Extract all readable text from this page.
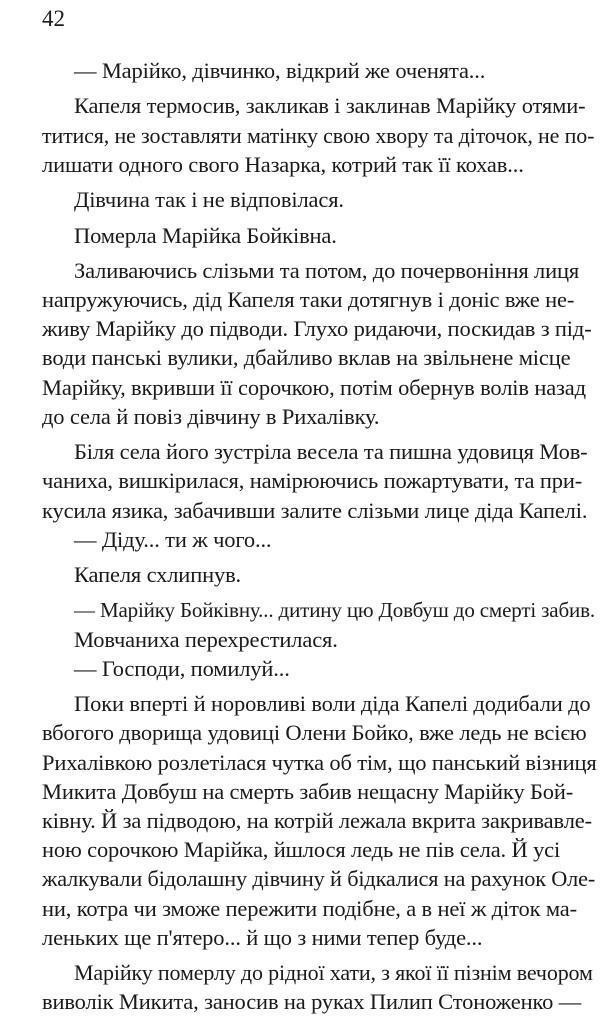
42
— Марійко, дівчинко, відкрий же оченята...
Капеля термосив, закликав і заклинав Марійку отями-
титися, не зоставляти матінку свою хвору та діточок, не по-
лишати одного свого Назарка, котрий так її кохав...
Дівчина так і не відповілася.
Померла Марійка Бойківна.
Заливаючись слізьми та потом, до почервоніння лиця
напружуючись, дід Капеля таки дотягнув і доніс вже не-
живу Марійку до підводи. Глухо ридаючи, поскидав з під-
води панські вулики, дбайливо вклав на звільнене місце
Марійку, вкривши її сорочкою, потім обернув волів назад
до села й повіз дівчину в Рихалівку.
Біля села його зустріла весела та пишна удовиця Мов-
чаниха, вишкірилася, намірюючись пожартувати, та при-
кусила язика, забачивши залите слізьми лице діда Капелі.
— Діду... ти ж чого...
Капеля схлипнув.
— Марійку Бойківну... дитину цю Довбуш до смерті забив.
Мовчаниха перехрестилася.
— Господи, помилуй...
Поки вперті й норовливі воли діда Капелі додибали до
вбогого дворища удовиці Олени Бойко, вже ледь не всією
Рихалівкою розлетілася чутка об тім, що панський візниця
Микита Довбуш на смерть забив нещасну Марійку Бой-
ківну. Й за підводою, на котрій лежала вкрита закривавле-
ною сорочкою Марійка, йшлося ледь не пів села. Й усі
жалкували бідолашну дівчину й бідкалися на рахунок Оле-
ни, котра чи зможе пережити подібне, а в неї ж діток ма-
леньких ще п'ятеро... й що з ними тепер буде...
Марійку померлу до рідної хати, з якої її пізнім вечором
виволік Микита, заносив на руках Пилип Стоноженко —
